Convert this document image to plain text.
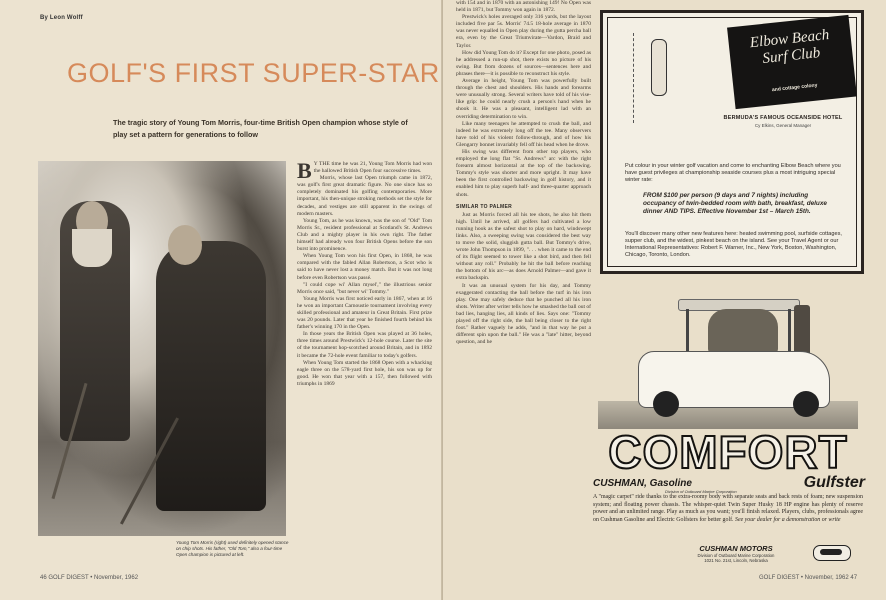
By Leon Wolff
GOLF'S FIRST SUPER-STAR
The tragic story of Young Tom Morris, four-time British Open champion whose style of play set a pattern for generations to follow
Young Tom Morris (right) used definitely opened stance on chip shots. His father, "Old Tom," also a four-time Open champion is pictured at left.
B Y THE time he was 21, Young Tom Morris had won the hallowed British Open four successive times.

Morris, whose last Open triumph came in 1872, was golf's first great dramatic figure. No one since has so completely dominated his golfing contemporaries. More important, his then-unique stroking methods set the style for decades, and vestiges are still apparent in the swings of modern masters.

Young Tom, as he was known, was the son of "Old" Tom Morris Sr., resident professional at Scotland's St. Andrews Club and a mighty player in his own right. The father himself had already won four British Opens before the son burst into prominence.

When Young Tom won his first Open, in 1868, he was compared with the fabled Allan Robertson, a Scot who is said to have never lost a money match. But it was not long before even Robertson was passé.

"I could cope wi' Allan mysel'," the illustrious senior Morris once said, "but never wi' Tommy."

Young Morris was first noticed early in 1867, when at 16 he won an important Carnoustie tournament involving every skilled professional and amateur in Great Britain. First prize was 20 pounds. Later that year he finished fourth behind his father's winning 170 in the Open.

In those years the British Open was played at 36 holes, three times around Prestwick's 12-hole course. Later the site of the tournament hop-scotched around Britain, and in 1892 it became the 72-hole event familiar to today's golfers.

When Young Tom started the 1868 Open with a whacking eagle three on the 578-yard first hole, his son was up for good. He won that year with a 157, then followed with triumphs in 1869

46 GOLF DIGEST • November, 1962

with 154 and in 1870 with an astonishing 149! No Open was held in 1871, but Tommy won again in 1872.

Prestwick's holes averaged only 316 yards, but the layout included five par 5s. Morris' 74.5 18-hole average in 1870 was never equalled in Open play during the gutta percha ball era, even by the Great Triumvirate—Vardon, Braid and Taylor.

How did Young Tom do it? Except for one photo, posed as he addressed a run-up shot, there exists no picture of his swing. But from dozens of sources—sentences here and phrases there—it is possible to reconstruct his style.

Average in height, Young Tom was powerfully built through the chest and shoulders. His hands and forearms were unusually strong. Several writers have told of his vise-like grip: he could nearly crush a person's hand when he shook it. He was a pleasant, intelligent lad with an overriding determination to win.

Like many teenagers he attempted to crush the ball, and indeed he was extremely long off the tee. Many observers have told of his violent follow-through, and of how his Glengarry bonnet invariably fell off his head when he drove.

His swing was different from other top players, who employed the long flat "St. Andrews" arc with the right forearm almost horizontal at the top of the backswing. Tommy's style was shorter and more upright. It may have been the first controlled backswing in golf history, and it enabled him to play superb half- and three-quarter approach shots.

SIMILAR TO PALMER

Just as Morris forced all his tee shots, he also hit them high. Until he arrived, all golfers had cultivated a low running hook as the safest shot to play on hard, windswept links. Also, a sweeping swing was considered the best way to move the solid, sluggish gutta ball. But Tommy's drive, wrote John Thompson in 1899, ". . . when it came to the end of its flight seemed to tower like a shot bird, and then fell without any roll." Probably he hit the ball before reaching the bottom of his arc—as does Arnold Palmer—and gave it extra backspin.

It was an unusual system for his day, and Tommy exaggerated contacting the ball before the turf in his iron play. One may safely deduce that he punched all his iron shots. Writer after writer tells how he smashed the ball out of bad lies, hanging lies, all kinds of lies. Says one: "Tommy played off the right side, the ball being closer to the right foot." Rather vaguely he adds, "and in that way he put a different spin upon the ball." He was a "late" hitter, beyond question, and he

Elbow Beach Surf Club
and cottage colony
BERMUDA'S FAMOUS OCEANSIDE HOTEL
Cy Elkins, General Manager
Put colour in your winter golf vacation and come to enchanting Elbow Beach where you have guest privileges at championship seaside courses plus a most intriguing special winter rate:
FROM $100 per person (9 days and 7 nights) including occupancy of twin-bedded room with bath, breakfast, deluxe dinner AND TIPS. Effective November 1st – March 15th.
You'll discover many other new features here: heated swimming pool, surfside cottages, supper club, and the widest, pinkest beach on the island. See your Travel Agent or our International Representatives: Robert F. Warner, Inc., New York, Boston, Washington, Chicago, Toronto, London.
COMFORT
CUSHMAN, Gasoline	Gulfster
Division of Outboard Marine Corporation
A "magic carpet" ride thanks to the extra-roomy body with separate seats and back rests of foam; new suspension system; and floating power chassis. The whisper-quiet Twin Super Husky 18 HP engine has plenty of reserve power and an unlimited range. Play as much as you want; you'll finish relaxed. Players, clubs, professionals agree on Cushman Gasoline and Electric Golfsters for better golf. See your dealer for a demonstration or write
CUSHMAN MOTORS
Division of Outboard Marine Corporation
1021 No. 21st, Lincoln, Nebraska
GOLF DIGEST • November, 1962 47
